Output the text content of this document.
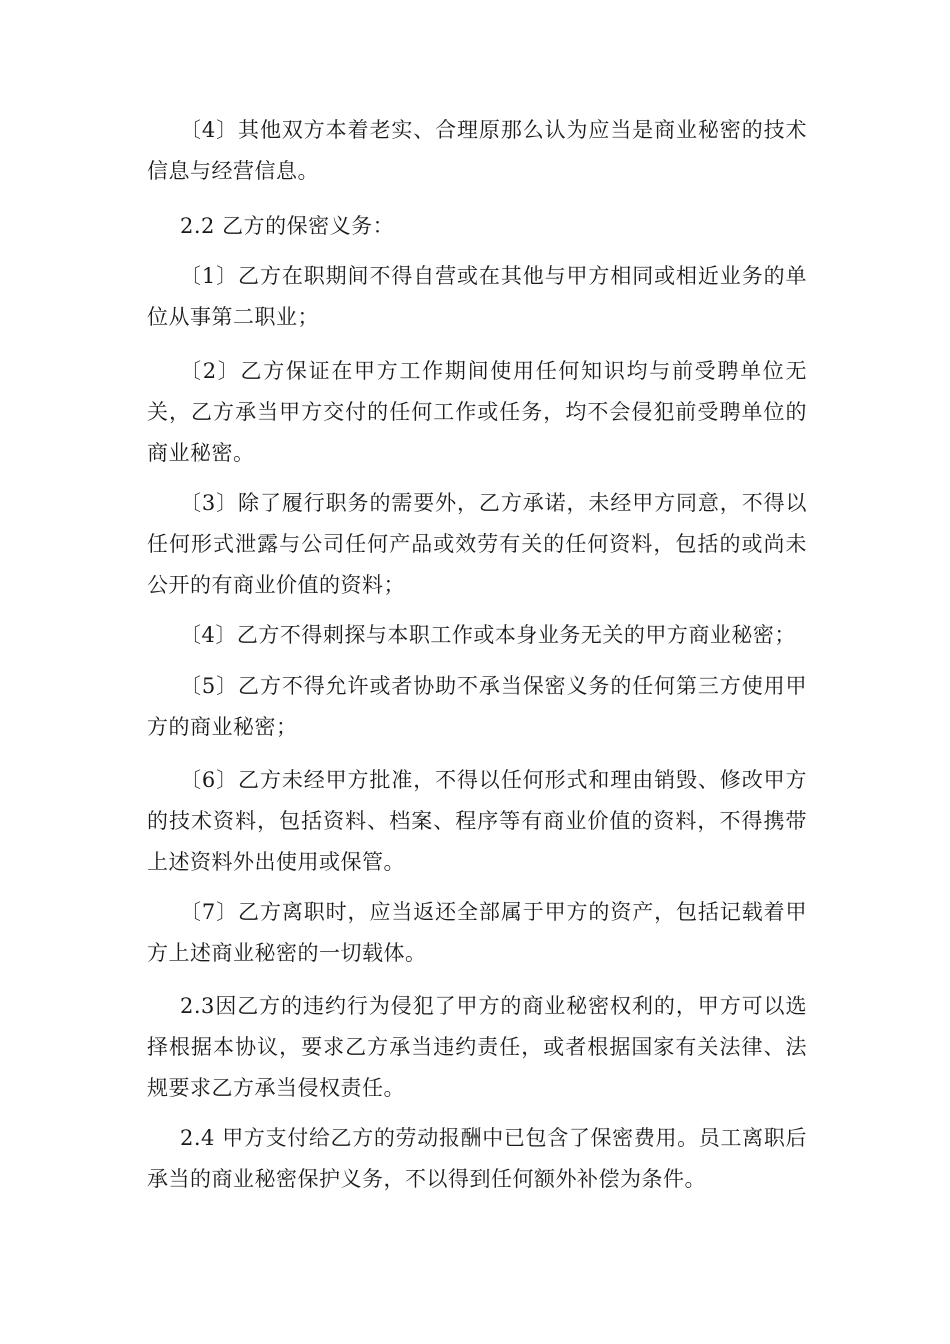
〔4〕其他双方本着老实、合理原那么认为应当是商业秘密的技术信息与经营信息。

2.2 乙方的保密义务：

〔1〕乙方在职期间不得自营或在其他与甲方相同或相近业务的单位从事第二职业；

〔2〕乙方保证在甲方工作期间使用任何知识均与前受聘单位无关，乙方承当甲方交付的任何工作或任务，均不会侵犯前受聘单位的商业秘密。

〔3〕除了履行职务的需要外，乙方承诺，未经甲方同意，不得以任何形式泄露与公司任何产品或效劳有关的任何资料，包括的或尚未公开的有商业价值的资料；

〔4〕乙方不得刺探与本职工作或本身业务无关的甲方商业秘密；

〔5〕乙方不得允许或者协助不承当保密义务的任何第三方使用甲方的商业秘密；

〔6〕乙方未经甲方批准，不得以任何形式和理由销毁、修改甲方的技术资料，包括资料、档案、程序等有商业价值的资料，不得携带上述资料外出使用或保管。

〔7〕乙方离职时，应当返还全部属于甲方的资产，包括记载着甲方上述商业秘密的一切载体。

2.3因乙方的违约行为侵犯了甲方的商业秘密权利的，甲方可以选择根据本协议，要求乙方承当违约责任，或者根据国家有关法律、法规要求乙方承当侵权责任。

2.4 甲方支付给乙方的劳动报酬中已包含了保密费用。员工离职后承当的商业秘密保护义务，不以得到任何额外补偿为条件。
